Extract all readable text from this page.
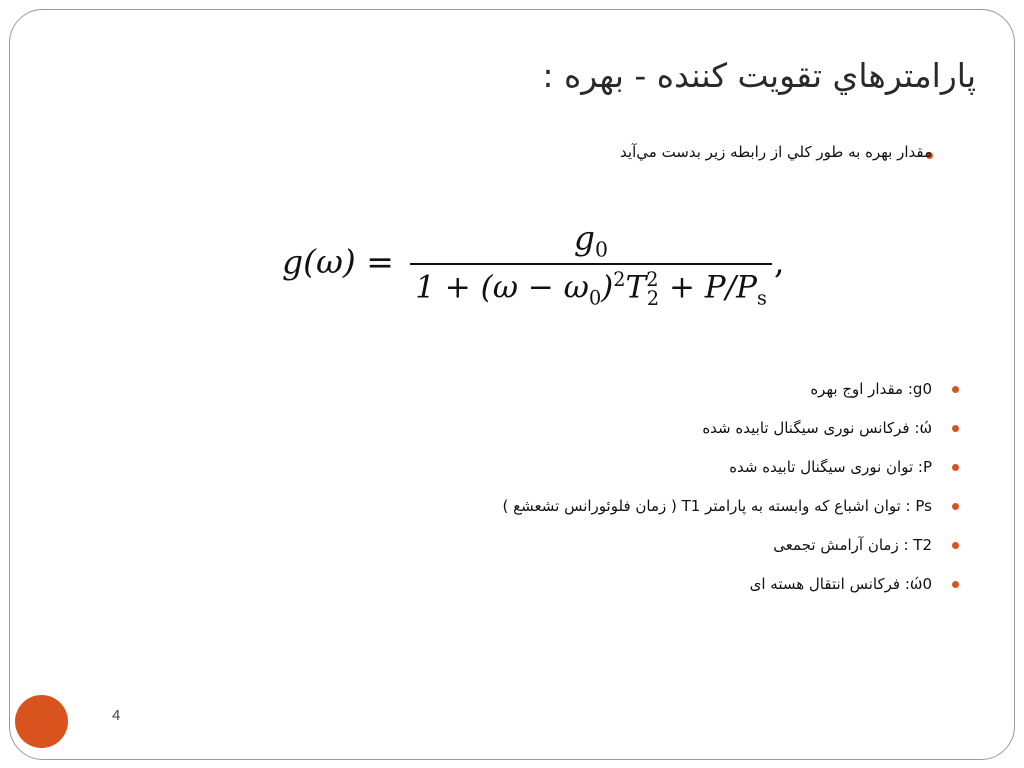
پارامترهاي تقويت كننده - بهره :
مقدار بهره به طور كلي از رابطه زير بدست مي‌آيد
g(ω) =
$g_0$
$1 + (\omega - \omega_0)^2T^2_2 + P/P_s$
,
g0: مقدار اوج بهره
ώ: فرکانس نوری سیگنال تابیده شده
P: توان نوری سیگنال تابیده شده
Ps : توان اشباع که وابسته به پارامتر T1 ( زمان فلوئورانس تشعشع )
T2 : زمان آرامش تجمعی
ώ0: فرکانس انتقال هسته ای
4
